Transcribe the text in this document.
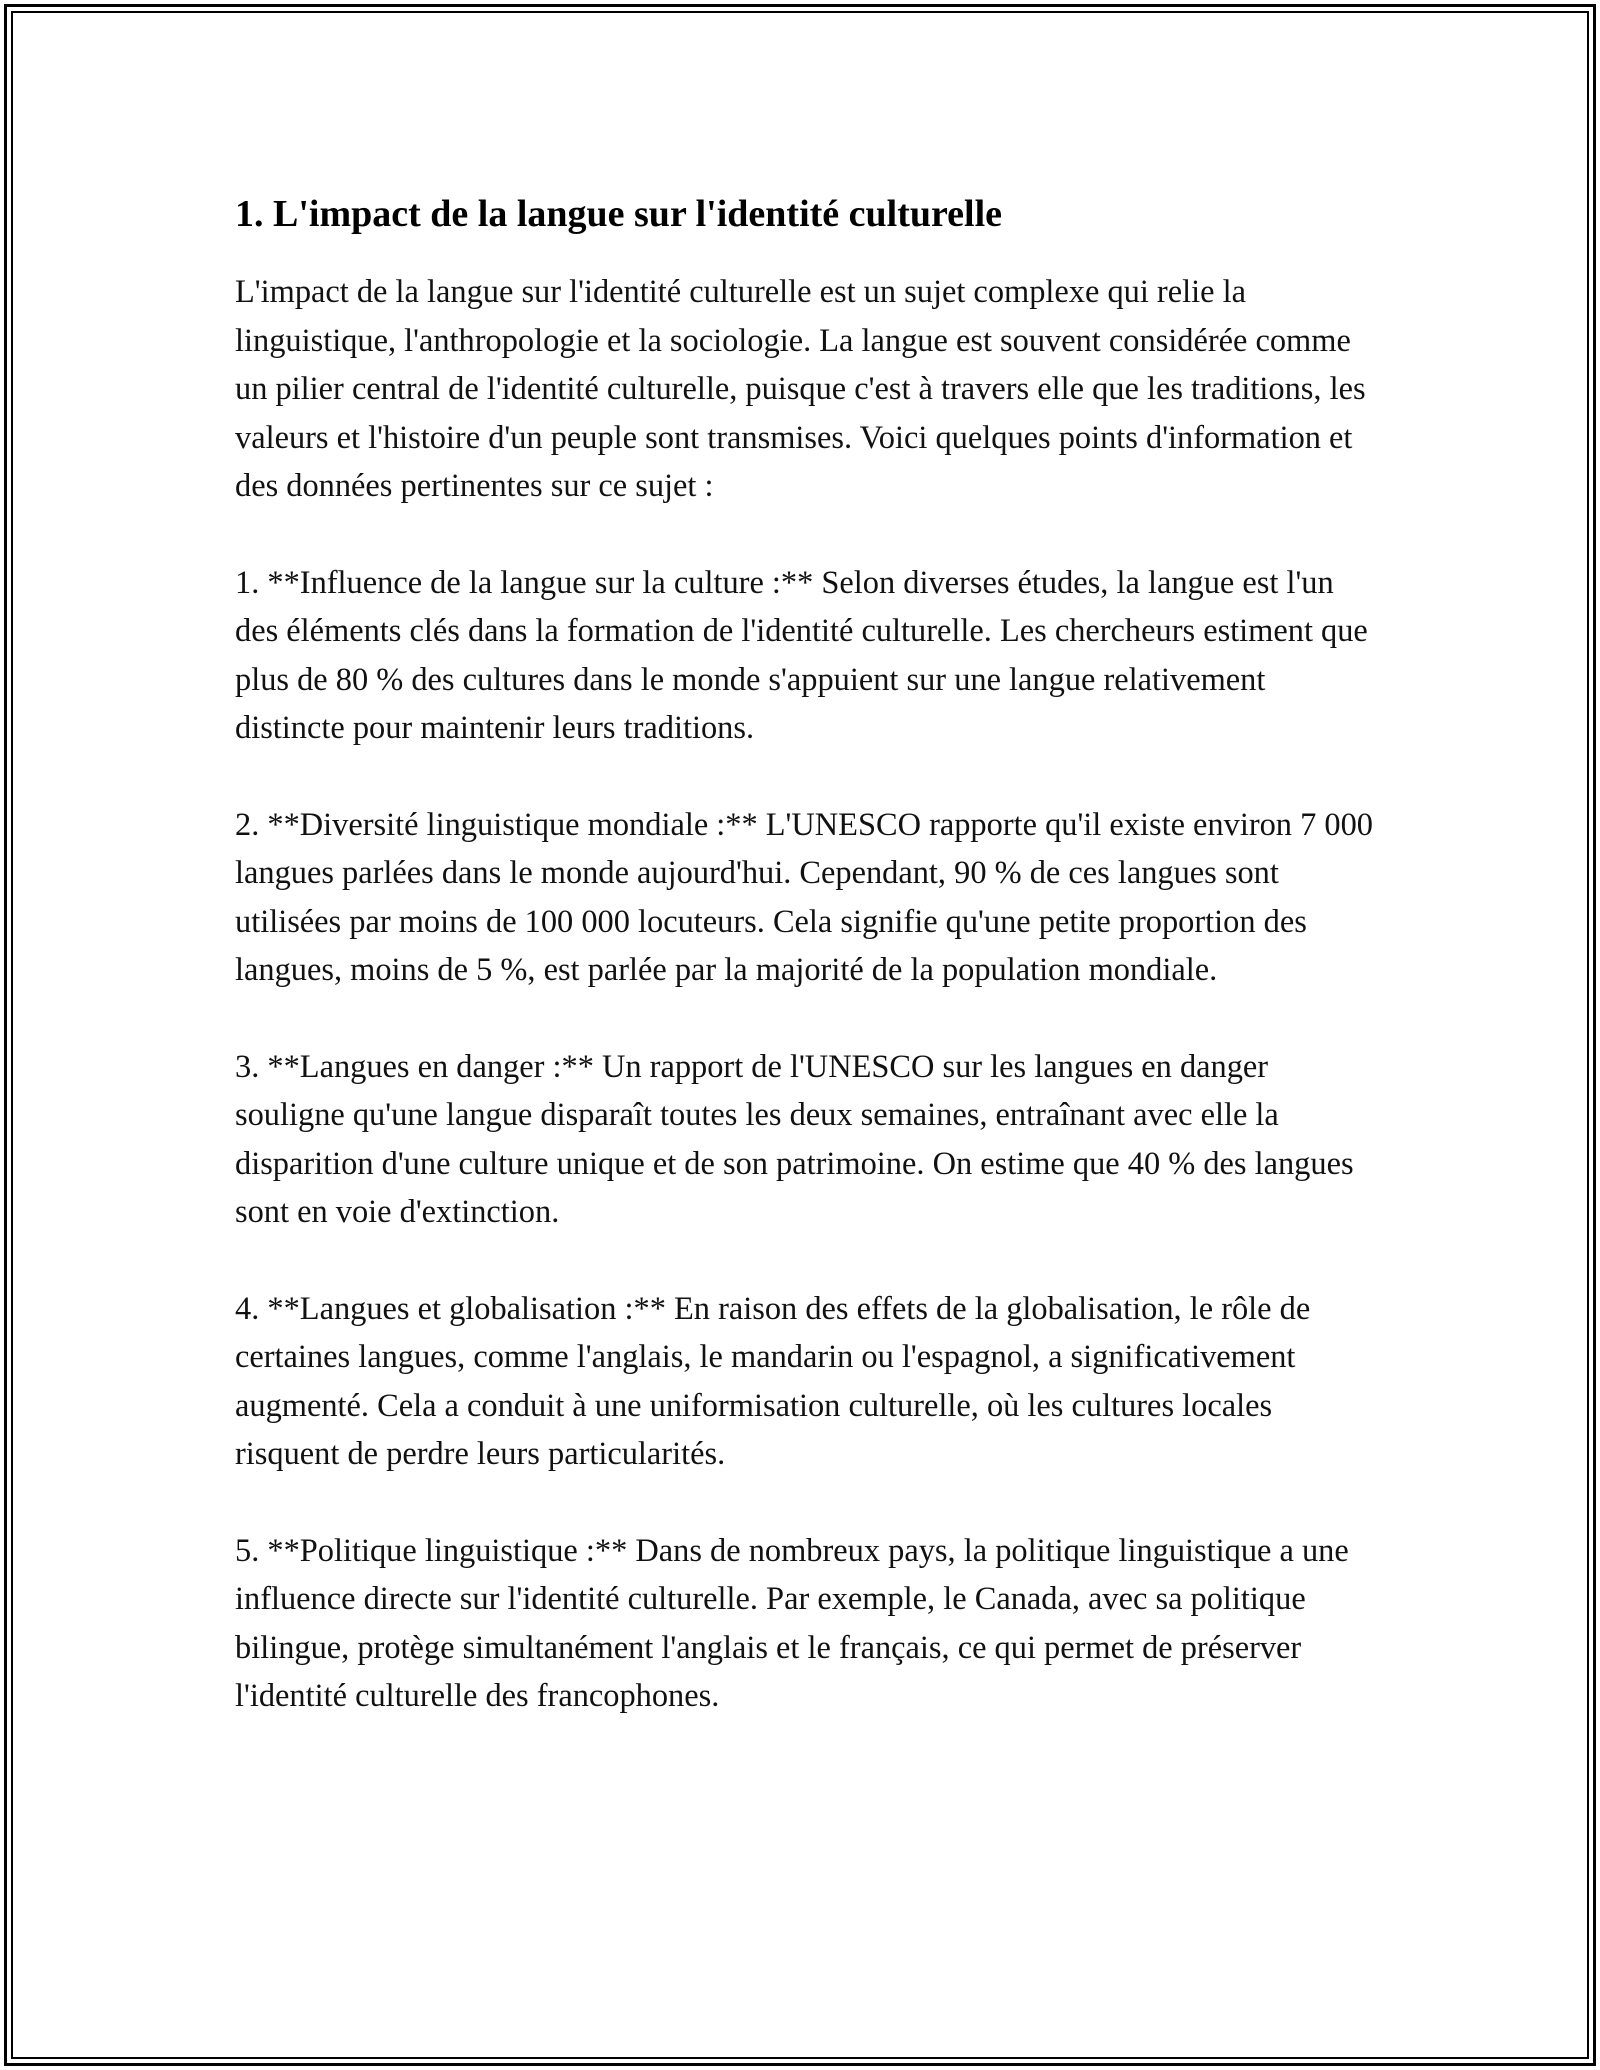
1. L'impact de la langue sur l'identité culturelle

L'impact de la langue sur l'identité culturelle est un sujet complexe qui relie la linguistique, l'anthropologie et la sociologie. La langue est souvent considérée comme un pilier central de l'identité culturelle, puisque c'est à travers elle que les traditions, les valeurs et l'histoire d'un peuple sont transmises. Voici quelques points d'information et des données pertinentes sur ce sujet :

1. **Influence de la langue sur la culture :** Selon diverses études, la langue est l'un des éléments clés dans la formation de l'identité culturelle. Les chercheurs estiment que plus de 80 % des cultures dans le monde s'appuient sur une langue relativement distincte pour maintenir leurs traditions.

2. **Diversité linguistique mondiale :** L'UNESCO rapporte qu'il existe environ 7 000 langues parlées dans le monde aujourd'hui. Cependant, 90 % de ces langues sont utilisées par moins de 100 000 locuteurs. Cela signifie qu'une petite proportion des langues, moins de 5 %, est parlée par la majorité de la population mondiale.

3. **Langues en danger :** Un rapport de l'UNESCO sur les langues en danger souligne qu'une langue disparaît toutes les deux semaines, entraînant avec elle la disparition d'une culture unique et de son patrimoine. On estime que 40 % des langues sont en voie d'extinction.

4. **Langues et globalisation :** En raison des effets de la globalisation, le rôle de certaines langues, comme l'anglais, le mandarin ou l'espagnol, a significativement augmenté. Cela a conduit à une uniformisation culturelle, où les cultures locales risquent de perdre leurs particularités.

5. **Politique linguistique :** Dans de nombreux pays, la politique linguistique a une influence directe sur l'identité culturelle. Par exemple, le Canada, avec sa politique bilingue, protège simultanément l'anglais et le français, ce qui permet de préserver l'identité culturelle des francophones.
